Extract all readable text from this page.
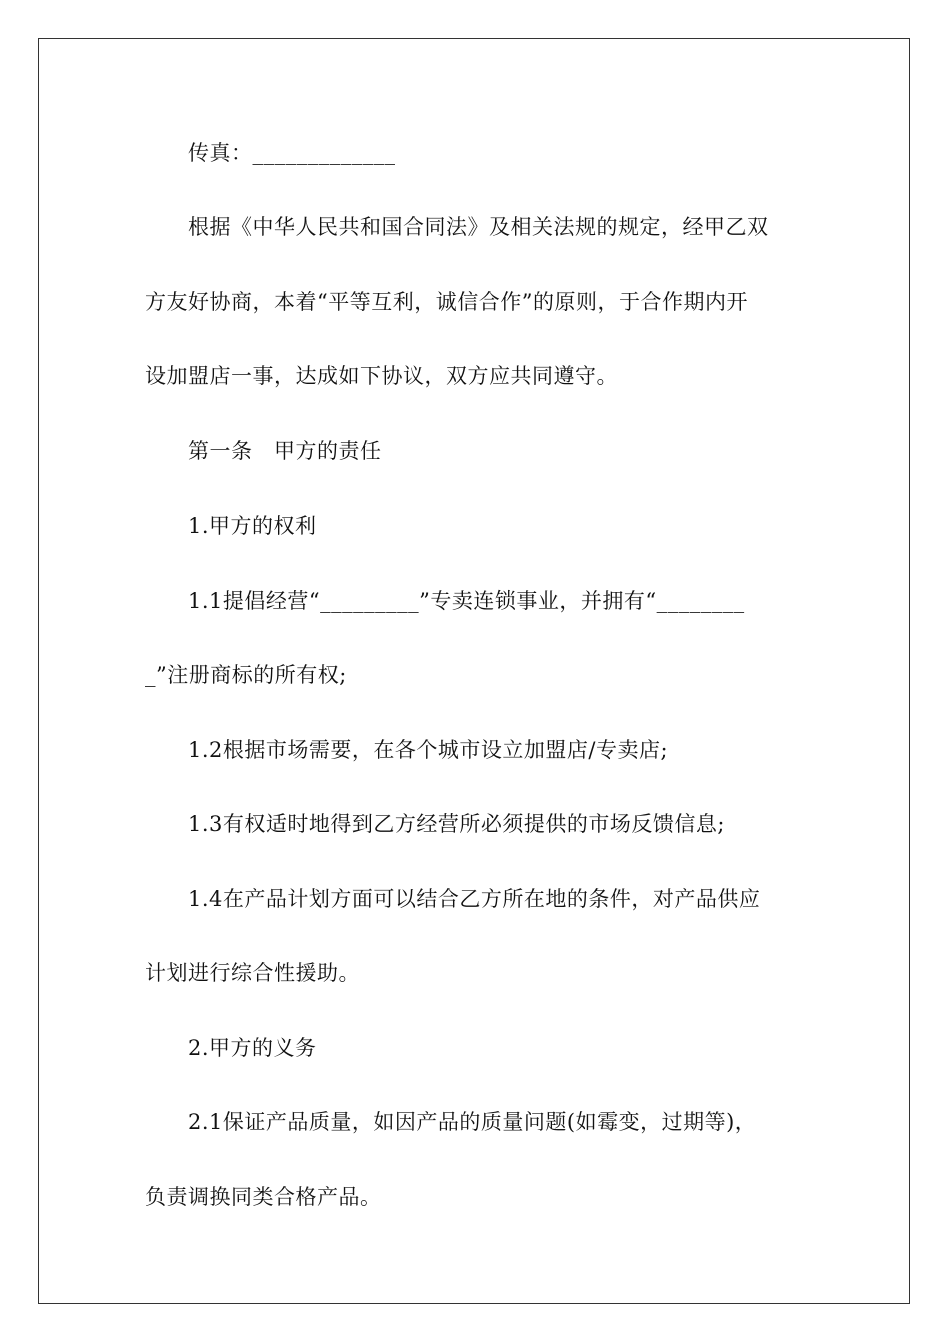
传真：_____________
根据《中华人民共和国合同法》及相关法规的规定，经甲乙双
方友好协商，本着“平等互利，诚信合作”的原则，于合作期内开
设加盟店一事，达成如下协议，双方应共同遵守。
第一条　甲方的责任
1.甲方的权利
1.1提倡经营“_________”专卖连锁事业，并拥有“________
_”注册商标的所有权;
1.2根据市场需要，在各个城市设立加盟店/专卖店;
1.3有权适时地得到乙方经营所必须提供的市场反馈信息;
1.4在产品计划方面可以结合乙方所在地的条件，对产品供应
计划进行综合性援助。
2.甲方的义务
2.1保证产品质量，如因产品的质量问题(如霉变，过期等)，
负责调换同类合格产品。
